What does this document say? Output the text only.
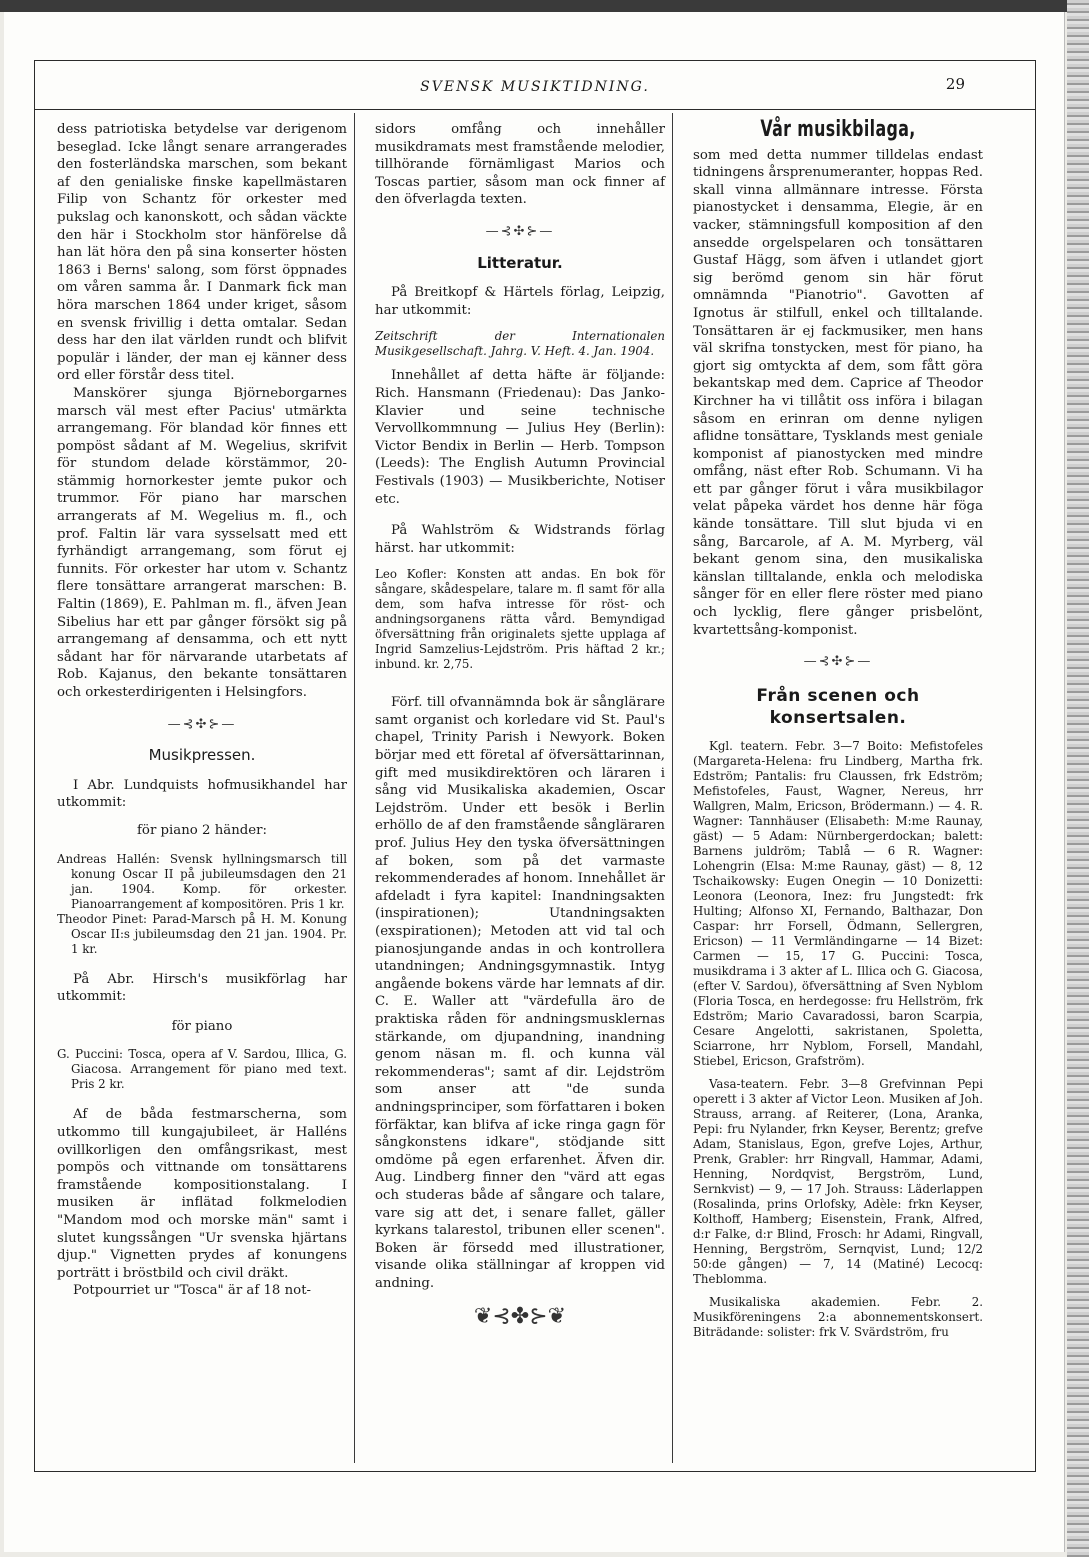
SVENSK MUSIKTIDNING.	29

dess patriotiska betydelse var derigenom beseglad. Icke långt senare arrangerades den fosterländska marschen, som bekant af den genialiske finske kapellmästaren Filip von Schantz för orkester med pukslag och kanonskott, och sådan väckte den här i Stockholm stor hänförelse då han lät höra den på sina konserter hösten 1863 i Berns' salong, som först öppnades om våren samma år. I Danmark fick man höra marschen 1864 under kriget, såsom en svensk frivillig i detta omtalar. Sedan dess har den ilat världen rundt och blifvit populär i länder, der man ej känner dess ord eller förstår dess titel.

Manskörer sjunga Björneborgarnes marsch väl mest efter Pacius' utmärkta arrangemang. För blandad kör finnes ett pompöst sådant af M. Wegelius, skrifvit för stundom delade körstämmor, 20-stämmig hornorkester jemte pukor och trummor. För piano har marschen arrangerats af M. Wegelius m. fl., och prof. Faltin lär vara sysselsatt med ett fyrhändigt arrangemang, som förut ej funnits. För orkester har utom v. Schantz flere tonsättare arrangerat marschen: B. Faltin (1869), E. Pahlman m. fl., äfven Jean Sibelius har ett par gånger försökt sig på arrangemang af densamma, och ett nytt sådant har för närvarande utarbetats af Rob. Kajanus, den bekante tonsättaren och orkesterdirigenten i Helsingfors.

—⊰✣⊱—
Musikpressen.

I Abr. Lundquists hofmusikhandel har utkommit:

för piano 2 händer:

Andreas Hallén: Svensk hyllningsmarsch till konung Oscar II på jubileumsdagen den 21 jan. 1904. Komp. för orkester. Pianoarrangement af kompositören. Pris 1 kr.

Theodor Pinet: Parad-Marsch på H. M. Konung Oscar II:s jubileumsdag den 21 jan. 1904. Pr. 1 kr.

På Abr. Hirsch's musikförlag har utkommit:

för piano

G. Puccini: Tosca, opera af V. Sardou, Illica, G. Giacosa. Arrangement för piano med text. Pris 2 kr.

Af de båda festmarscherna, som utkommo till kungajubileet, är Halléns ovillkorligen den omfångsrikast, mest pompös och vittnande om tonsättarens framstående kompositionstalang. I musiken är inflätad folkmelodien "Mandom mod och morske män" samt i slutet kungssången "Ur svenska hjärtans djup." Vignetten prydes af konungens porträtt i bröstbild och civil dräkt.

Potpourriet ur "Tosca" är af 18 not-

sidors omfång och innehåller musikdramats mest framstående melodier, tillhörande förnämligast Marios och Toscas partier, såsom man ock finner af den öfverlagda texten.

—⊰✣⊱—
Litteratur.

På Breitkopf & Härtels förlag, Leipzig, har utkommit:

Zeitschrift der Internationalen Musikgesellschaft. Jahrg. V. Heft. 4. Jan. 1904.

Innehållet af detta häfte är följande: Rich. Hansmann (Friedenau): Das Janko-Klavier und seine technische Vervollkommnung — Julius Hey (Berlin): Victor Bendix in Berlin — Herb. Tompson (Leeds): The English Autumn Provincial Festivals (1903) — Musikberichte, Notiser etc.

På Wahlström & Widstrands förlag härst. har utkommit:

Leo Kofler: Konsten att andas. En bok för sångare, skådespelare, talare m. fl samt för alla dem, som hafva intresse för röst- och andningsorganens rätta vård. Bemyndigad öfversättning från originalets sjette upplaga af Ingrid Samzelius-Lejdström. Pris häftad 2 kr.; inbund. kr. 2,75.

Förf. till ofvannämnda bok är sånglärare samt organist och korledare vid St. Paul's chapel, Trinity Parish i Newyork. Boken börjar med ett företal af öfversättarinnan, gift med musikdirektören och läraren i sång vid Musikaliska akademien, Oscar Lejdström. Under ett besök i Berlin erhöllo de af den framstående sångläraren prof. Julius Hey den tyska öfversättningen af boken, som på det varmaste rekommenderades af honom. Innehållet är afdeladt i fyra kapitel: Inandningsakten (inspirationen); Utandningsakten (exspirationen); Metoden att vid tal och pianosjungande andas in och kontrollera utandningen; Andningsgymnastik. Intyg angående bokens värde har lemnats af dir. C. E. Waller att "värdefulla äro de praktiska råden för andningsmusklernas stärkande, om djupandning, inandning genom näsan m. fl. och kunna väl rekommenderas"; samt af dir. Lejdström som anser att "de sunda andningsprinciper, som författaren i boken förfäktar, kan blifva af icke ringa gagn för sångkonstens idkare", stödjande sitt omdöme på egen erfarenhet. Äfven dir. Aug. Lindberg finner den "värd att egas och studeras både af sångare och talare, vare sig att det, i senare fallet, gäller kyrkans talarestol, tribunen eller scenen". Boken är försedd med illustrationer, visande olika ställningar af kroppen vid andning.

❦⊰✤⊱❦
Vår musikbilaga,

som med detta nummer tilldelas endast tidningens årsprenumeranter, hoppas Red. skall vinna allmännare intresse. Första pianostycket i densamma, Elegie, är en vacker, stämningsfull komposition af den ansedde orgelspelaren och tonsättaren Gustaf Hägg, som äfven i utlandet gjort sig berömd genom sin här förut omnämnda "Pianotrio". Gavotten af Ignotus är stilfull, enkel och tilltalande. Tonsättaren är ej fackmusiker, men hans väl skrifna tonstycken, mest för piano, ha gjort sig omtyckta af dem, som fått göra bekantskap med dem. Caprice af Theodor Kirchner ha vi tillåtit oss införa i bilagan såsom en erinran om denne nyligen aflidne tonsättare, Tysklands mest geniale komponist af pianostycken med mindre omfång, näst efter Rob. Schumann. Vi ha ett par gånger förut i våra musikbilagor velat påpeka värdet hos denne här föga kände tonsättare. Till slut bjuda vi en sång, Barcarole, af A. M. Myrberg, väl bekant genom sina, den musikaliska känslan tilltalande, enkla och melodiska sånger för en eller flere röster med piano och lycklig, flere gånger prisbelönt, kvartettsång-komponist.

—⊰✣⊱—
Från scenen och konsertsalen.

Kgl. teatern. Febr. 3—7 Boito: Mefistofeles (Margareta-Helena: fru Lindberg, Martha frk. Edström; Pantalis: fru Claussen, frk Edström; Mefistofeles, Faust, Wagner, Nereus, hrr Wallgren, Malm, Ericson, Brödermann.) — 4. R. Wagner: Tannhäuser (Elisabeth: M:me Raunay, gäst) — 5 Adam: Nürnbergerdockan; balett: Barnens juldröm; Tablå — 6 R. Wagner: Lohengrin (Elsa: M:me Raunay, gäst) — 8, 12 Tschaikowsky: Eugen Onegin — 10 Donizetti: Leonora (Leonora, Inez: fru Jungstedt: frk Hulting; Alfonso XI, Fernando, Balthazar, Don Caspar: hrr Forsell, Ödmann, Sellergren, Ericson) — 11 Vermländingarne — 14 Bizet: Carmen — 15, 17 G. Puccini: Tosca, musikdrama i 3 akter af L. Illica och G. Giacosa, (efter V. Sardou), öfversättning af Sven Nyblom (Floria Tosca, en herdegosse: fru Hellström, frk Edström; Mario Cavaradossi, baron Scarpia, Cesare Angelotti, sakristanen, Spoletta, Sciarrone, hrr Nyblom, Forsell, Mandahl, Stiebel, Ericson, Grafström).

Vasa-teatern. Febr. 3—8 Grefvinnan Pepi operett i 3 akter af Victor Leon. Musiken af Joh. Strauss, arrang. af Reiterer, (Lona, Aranka, Pepi: fru Nylander, frkn Keyser, Berentz; grefve Adam, Stanislaus, Egon, grefve Lojes, Arthur, Prenk, Grabler: hrr Ringvall, Hammar, Adami, Henning, Nordqvist, Bergström, Lund, Sernkvist) — 9, — 17 Joh. Strauss: Läderlappen (Rosalinda, prins Orlofsky, Adèle: frkn Keyser, Kolthoff, Hamberg; Eisenstein, Frank, Alfred, d:r Falke, d:r Blind, Frosch: hr Adami, Ringvall, Henning, Bergström, Sernqvist, Lund; 12/2 50:de gången) — 7, 14 (Matiné) Lecocq: Theblomma.

Musikaliska akademien. Febr. 2. Musikföreningens 2:a abonnementskonsert. Biträdande: solister: frk V. Svärdström, fru
